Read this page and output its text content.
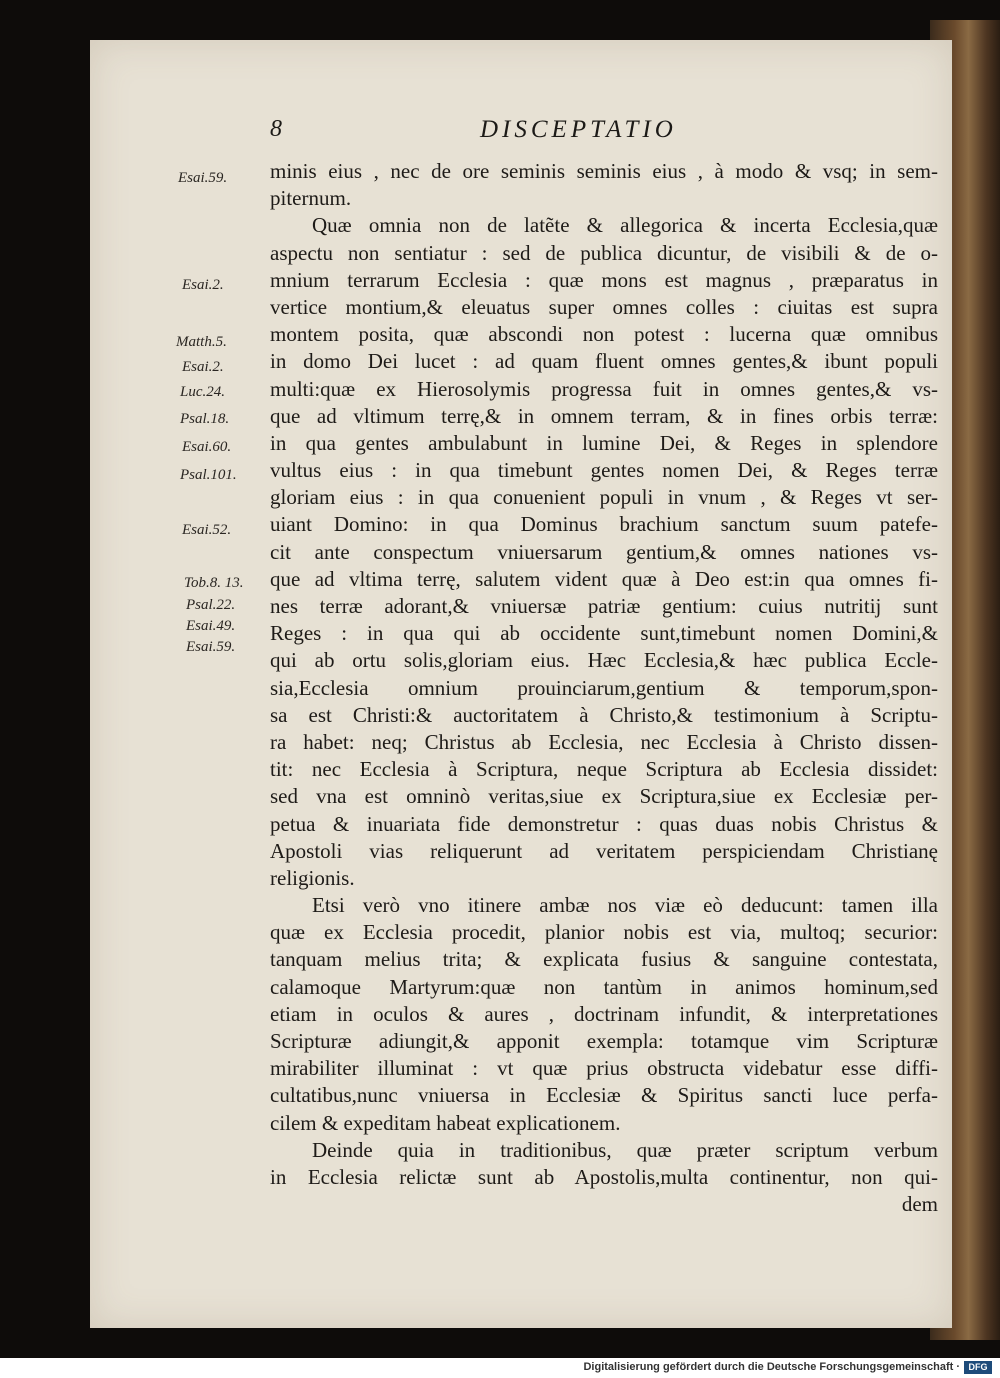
8	DISCEPTATIO
Esai.59.
Esai.2.
Matth.5.
Esai.2.
Luc.24.
Psal.18.
Esai.60.
Psal.101.
Esai.52.
Tob.8. 13.
Psal.22.
Esai.49.
Esai.59.
minis eius , nec de ore seminis seminis eius , à modo & vsq; in sem-
piternum.
Quæ omnia non de latẽte & allegorica & incerta Ecclesia,quæ
aspectu non sentiatur : sed de publica dicuntur, de visibili & de o-
mnium terrarum Ecclesia : quæ mons est magnus , præparatus in
vertice montium,& eleuatus super omnes colles : ciuitas est supra
montem posita, quæ abscondi non potest : lucerna quæ omnibus
in domo Dei lucet : ad quam fluent omnes gentes,& ibunt populi
multi:quæ ex Hierosolymis progressa fuit in omnes gentes,& vs-
que ad vltimum terrę,& in omnem terram, & in fines orbis terræ:
in qua gentes ambulabunt in lumine Dei, & Reges in splendore
vultus eius : in qua timebunt gentes nomen Dei, & Reges terræ
gloriam eius : in qua conuenient populi in vnum , & Reges vt ser-
uiant Domino: in qua Dominus brachium sanctum suum patefe-
cit ante conspectum vniuersarum gentium,& omnes nationes vs-
que ad vltima terrę, salutem vident quæ à Deo est:in qua omnes fi-
nes terræ adorant,& vniuersæ patriæ gentium: cuius nutritij sunt
Reges : in qua qui ab occidente sunt,timebunt nomen Domini,&
qui ab ortu solis,gloriam eius. Hæc Ecclesia,& hæc publica Eccle-
sia,Ecclesia omnium prouinciarum,gentium & temporum,spon-
sa est Christi:& auctoritatem à Christo,& testimonium à Scriptu-
ra habet: neq; Christus ab Ecclesia, nec Ecclesia à Christo dissen-
tit: nec Ecclesia à Scriptura, neque Scriptura ab Ecclesia dissidet:
sed vna est omninò veritas,siue ex Scriptura,siue ex Ecclesiæ per-
petua & inuariata fide demonstretur : quas duas nobis Christus &
Apostoli vias reliquerunt ad veritatem perspiciendam Christianę
religionis.
Etsi verò vno itinere ambæ nos viæ eò deducunt: tamen illa
quæ ex Ecclesia procedit, planior nobis est via, multoq; securior:
tanquam melius trita; & explicata fusius & sanguine contestata,
calamoque Martyrum:quæ non tantùm in animos hominum,sed
etiam in oculos & aures , doctrinam infundit, & interpretationes
Scripturæ adiungit,& apponit exempla: totamque vim Scripturæ
mirabiliter illuminat : vt quæ prius obstructa videbatur esse diffi-
cultatibus,nunc vniuersa in Ecclesiæ & Spiritus sancti luce perfa-
cilem & expeditam habeat explicationem.
Deinde quia in traditionibus, quæ præter scriptum verbum
in Ecclesia relictæ sunt ab Apostolis,multa continentur, non qui-
dem
Digitalisierung gefördert durch die Deutsche Forschungsgemeinschaft · DFG
